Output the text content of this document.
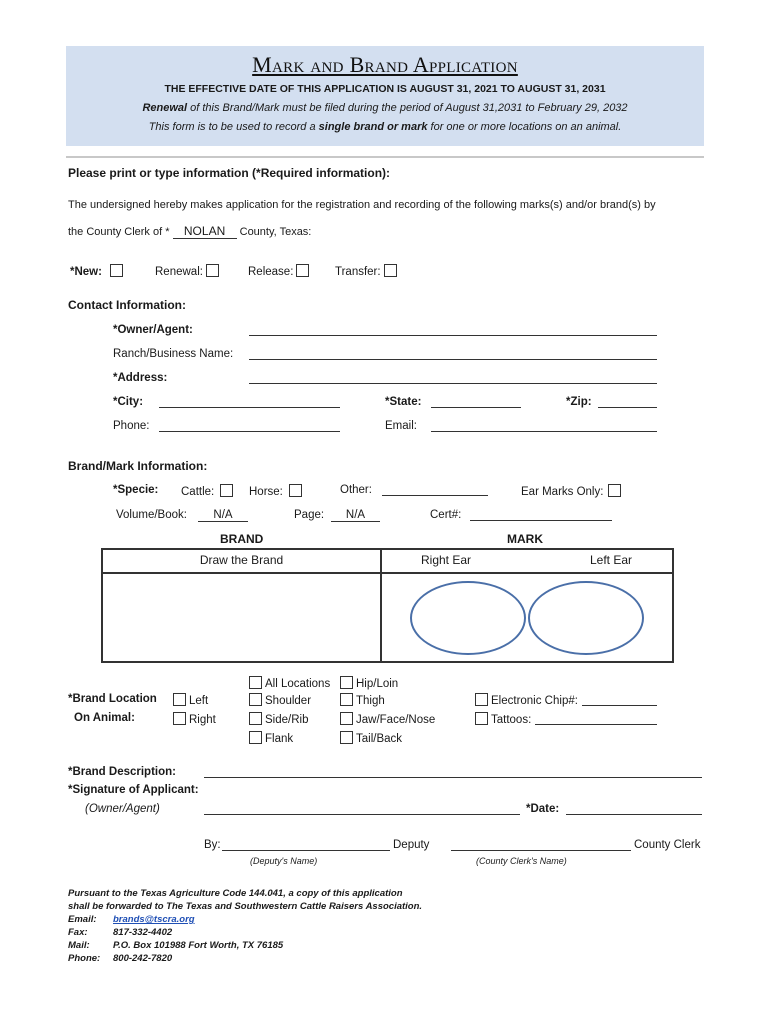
Mark and Brand Application
THE EFFECTIVE DATE OF THIS APPLICATION IS AUGUST 31, 2021 TO AUGUST 31, 2031
Renewal of this Brand/Mark must be filed during the period of August 31,2031 to February 29, 2032
This form is to be used to record a single brand or mark for one or more locations on an animal.
Please print or type information (*Required information):
The undersigned hereby makes application for the registration and recording of the following marks(s) and/or brand(s) by
the County Clerk of * NOLAN County, Texas:
*New:	Renewal:	Release:	Transfer:
Contact Information:
*Owner/Agent:
Ranch/Business Name:
*Address:
*City:	*State:	*Zip:
Phone:	Email:
Brand/Mark Information:
*Specie: Cattle:	Horse:	Other:	Ear Marks Only:
Volume/Book:	N/A	Page:	N/A	Cert#:
BRAND	MARK
Draw the Brand	Right Ear	Left Ear
*Brand Location
On Animal:
Left
Right
All Locations
Shoulder
Side/Rib
Flank
Hip/Loin
Thigh
Jaw/Face/Nose
Tail/Back
Electronic Chip#:
Tattoos:
*Brand Description:
*Signature of Applicant:
(Owner/Agent)	*Date:
By:	Deputy	County Clerk
(Deputy's Name)	(County Clerk's Name)
Pursuant to the Texas Agriculture Code 144.041, a copy of this application
shall be forwarded to The Texas and Southwestern Cattle Raisers Association.
Email: brands@tscra.org
Fax:	817-332-4402
Mail: P.O. Box 101988 Fort Worth, TX 76185
Phone: 800-242-7820
